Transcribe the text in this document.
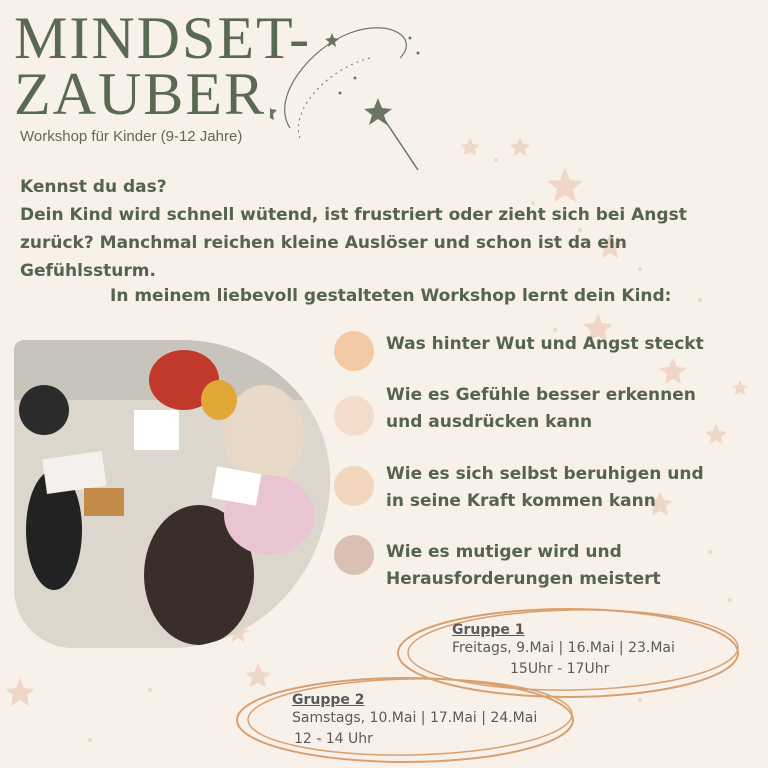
MINDSET-
ZAUBER
Workshop für Kinder (9-12 Jahre)
Kennst du das?
Dein Kind wird schnell wütend, ist frustriert oder zieht sich bei Angst zurück? Manchmal reichen kleine Auslöser und schon ist da ein Gefühlssturm.
In meinem liebevoll gestalteten Workshop lernt dein Kind:
Was hinter Wut und Angst steckt
Wie es Gefühle besser erkennen
und ausdrücken kann
Wie es sich selbst beruhigen und
in seine Kraft kommen kann
Wie es mutiger wird und
Herausforderungen meistert
Gruppe 1
Freitags, 9.Mai | 16.Mai | 23.Mai
15Uhr - 17Uhr
Gruppe 2
Samstags, 10.Mai | 17.Mai | 24.Mai
12 - 14 Uhr
